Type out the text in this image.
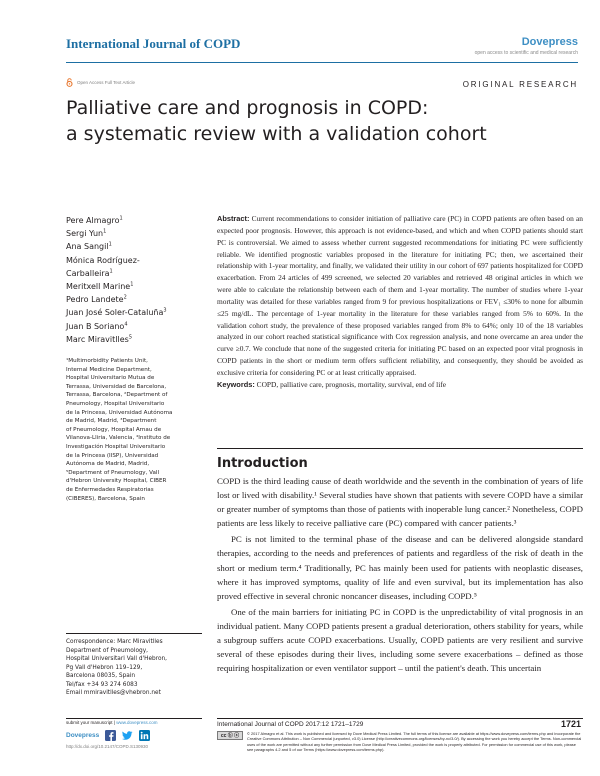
International Journal of COPD	Dovepress
open access to scientific and medical research
Open Access Full Text Article	ORIGINAL RESEARCH
Palliative care and prognosis in COPD:
a systematic review with a validation cohort
Pere Almagro$^1$
Sergi Yun$^1$
Ana Sangil$^1$
Mónica Rodríguez-
Carballeira$^1$
Meritxell Marine$^1$
Pedro Landete$^2$
Juan José Soler-Cataluña$^3$
Juan B Soriano$^4$
Marc Miravitlles$^5$
¹Multimorbidity Patients Unit,
Internal Medicine Department,
Hospital Universitario Mutua de
Terrassa, Universidad de Barcelona,
Terrassa, Barcelona, ²Department of
Pneumology, Hospital Universitario
de la Princesa, Universidad Autónoma
de Madrid, Madrid, ³Department
of Pneumology, Hospital Arnau de
Vilanova-Lliria, Valencia, ⁴Instituto de
Investigación Hospital Universitario
de la Princesa (IISP), Universidad
Autónoma de Madrid, Madrid,
⁵Department of Pneumology, Vall
d'Hebron University Hospital, CIBER
de Enfermedades Respiratorias
(CIBERES), Barcelona, Spain
Correspondence: Marc Miravitlles
Department of Pneumology,
Hospital Universitari Vall d'Hebron,
Pg Vall d'Hebron 119–129,
Barcelona 08035, Spain
Tel/fax +34 93 274 6083
Email mmiravitlles@vhebron.net
submit your manuscript | www.dovepress.com
Dovepress
http://dx.doi.org/10.2147/COPD.S130930

Abstract: Current recommendations to consider initiation of palliative care (PC) in COPD patients are often based on an expected poor prognosis. However, this approach is not evidence-based, and which and when COPD patients should start PC is controversial. We aimed to assess whether current suggested recommendations for initiating PC were sufficiently reliable. We identified prognostic variables proposed in the literature for initiating PC; then, we ascertained their relationship with 1-year mortality, and finally, we validated their utility in our cohort of 697 patients hospitalized for COPD exacerbation. From 24 articles of 499 screened, we selected 20 variables and retrieved 48 original articles in which we were able to calculate the relationship between each of them and 1-year mortality. The number of studies where 1-year mortality was detailed for these variables ranged from 9 for previous hospitalizations or FEV₁ ≤30% to none for albumin ≤25 mg/dL. The percentage of 1-year mortality in the literature for these variables ranged from 5% to 60%. In the validation cohort study, the prevalence of these proposed variables ranged from 8% to 64%; only 10 of the 18 variables analyzed in our cohort reached statistical significance with Cox regression analysis, and none overcame an area under the curve ≥0.7. We conclude that none of the suggested criteria for initiating PC based on an expected poor vital prognosis in COPD patients in the short or medium term offers sufficient reliability, and consequently, they should be avoided as exclusive criteria for considering PC or at least critically appraised.

Keywords: COPD, palliative care, prognosis, mortality, survival, end of life

Introduction

COPD is the third leading cause of death worldwide and the seventh in the combination of years of life lost or lived with disability.¹ Several studies have shown that patients with severe COPD have a similar or greater number of symptoms than those of patients with inoperable lung cancer.² Nonetheless, COPD patients are less likely to receive palliative care (PC) compared with cancer patients.³

PC is not limited to the terminal phase of the disease and can be delivered alongside standard therapies, according to the needs and preferences of patients and regardless of the risk of death in the short or medium term.⁴ Traditionally, PC has mainly been used for patients with neoplastic diseases, where it has improved symptoms, quality of life and even survival, but its implementation has also proved effective in several chronic noncancer diseases, including COPD.⁵

One of the main barriers for initiating PC in COPD is the unpredictability of vital prognosis in an individual patient. Many COPD patients present a gradual deterioration, others stability for years, while a subgroup suffers acute COPD exacerbations. Usually, COPD patients are very resilient and survive several of these episodes during their lives, including some severe exacerbations – defined as those requiring hospitalization or even ventilator support – until the patient's death. This uncertain

International Journal of COPD 2017:12 1721–1729	1721
cc ⓑ ⓢ	© 2017 Almagro et al. This work is published and licensed by Dove Medical Press Limited. The full terms of this license are available at https://www.dovepress.com/terms.php and incorporate the Creative Commons Attribution – Non Commercial (unported, v3.0) License (http://creativecommons.org/licenses/by-nc/3.0/). By accessing the work you hereby accept the Terms. Non-commercial uses of the work are permitted without any further permission from Dove Medical Press Limited, provided the work is properly attributed. For permission for commercial use of this work, please see paragraphs 4.2 and 5 of our Terms (https://www.dovepress.com/terms.php).
